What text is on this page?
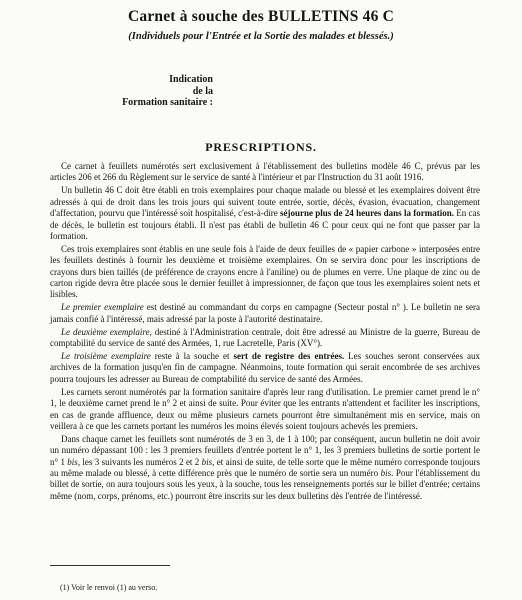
Carnet à souche des BULLETINS 46 C
(Individuels pour l'Entrée et la Sortie des malades et blessés.)
Indication
de la
Formation sanitaire :
PRESCRIPTIONS.

Ce carnet à feuillets numérotés sert exclusivement à l'établissement des bulletins modèle 46 C, prévus par les articles 206 et 266 du Règlement sur le service de santé à l'intérieur et par l'Instruction du 31 août 1916.

Un bulletin 46 C doit être établi en trois exemplaires pour chaque malade ou blessé et les exemplaires doivent être adressés à qui de droit dans les trois jours qui suivent toute entrée, sortie, décès, évasion, évacuation, changement d'affectation, pourvu que l'intéressé soit hospitalisé, c'est-à-dire séjourne plus de 24 heures dans la formation. En cas de décès, le bulletin est toujours établi. Il n'est pas établi de bulletin 46 C pour ceux qui ne font que passer par la formation.

Ces trois exemplaires sont établis en une seule fois à l'aide de deux feuilles de « papier carbone » interposées entre les feuillets destinés à fournir les deuxième et troisième exemplaires. On se servira donc pour les inscriptions de crayons durs bien taillés (de préférence de crayons encre à l'aniline) ou de plumes en verre. Une plaque de zinc ou de carton rigide devra être placée sous le dernier feuillet à impressionner, de façon que tous les exemplaires soient nets et lisibles.

Le premier exemplaire est destiné au commandant du corps en campagne (Secteur postal n° ). Le bulletin ne sera jamais confié à l'intéressé, mais adressé par la poste à l'autorité destinataire.

Le deuxième exemplaire, destiné à l'Administration centrale, doit être adressé au Ministre de la guerre, Bureau de comptabilité du service de santé des Armées, 1, rue Lacretelle, Paris (XV°).

Le troisième exemplaire reste à la souche et sert de registre des entrées. Les souches seront conservées aux archives de la formation jusqu'en fin de campagne. Néanmoins, toute formation qui serait encombrée de ses archives pourra toujours les adresser au Bureau de comptabilité du service de santé des Armées.

Les carnets seront numérotés par la formation sanitaire d'après leur rang d'utilisation. Le premier carnet prend le n° 1, le deuxième carnet prend le n° 2 et ainsi de suite. Pour éviter que les entrants n'attendent et faciliter les inscriptions, en cas de grande affluence, deux ou même plusieurs carnets pourront être simultanément mis en service, mais on veillera à ce que les carnets portant les numéros les moins élevés soient toujours achevés les premiers.

Dans chaque carnet les feuillets sont numérotés de 3 en 3, de 1 à 100; par conséquent, aucun bulletin ne doit avoir un numéro dépassant 100 : les 3 premiers feuillets d'entrée portent le n° 1, les 3 premiers bulletins de sortie portent le n° 1 bis, les 3 suivants les numéros 2 et 2 bis, et ainsi de suite, de telle sorte que le même numéro corresponde toujours au même malade ou blessé, à cette différence près que le numéro de sortie sera un numéro bis. Pour l'établissement du billet de sortie, on aura toujours sous les yeux, à la souche, tous les renseignements portés sur le billet d'entrée; certains même (nom, corps, prénoms, etc.) pourront être inscrits sur les deux bulletins dès l'entrée de l'intéressé.

(1) Voir le renvoi (1) au verso.
